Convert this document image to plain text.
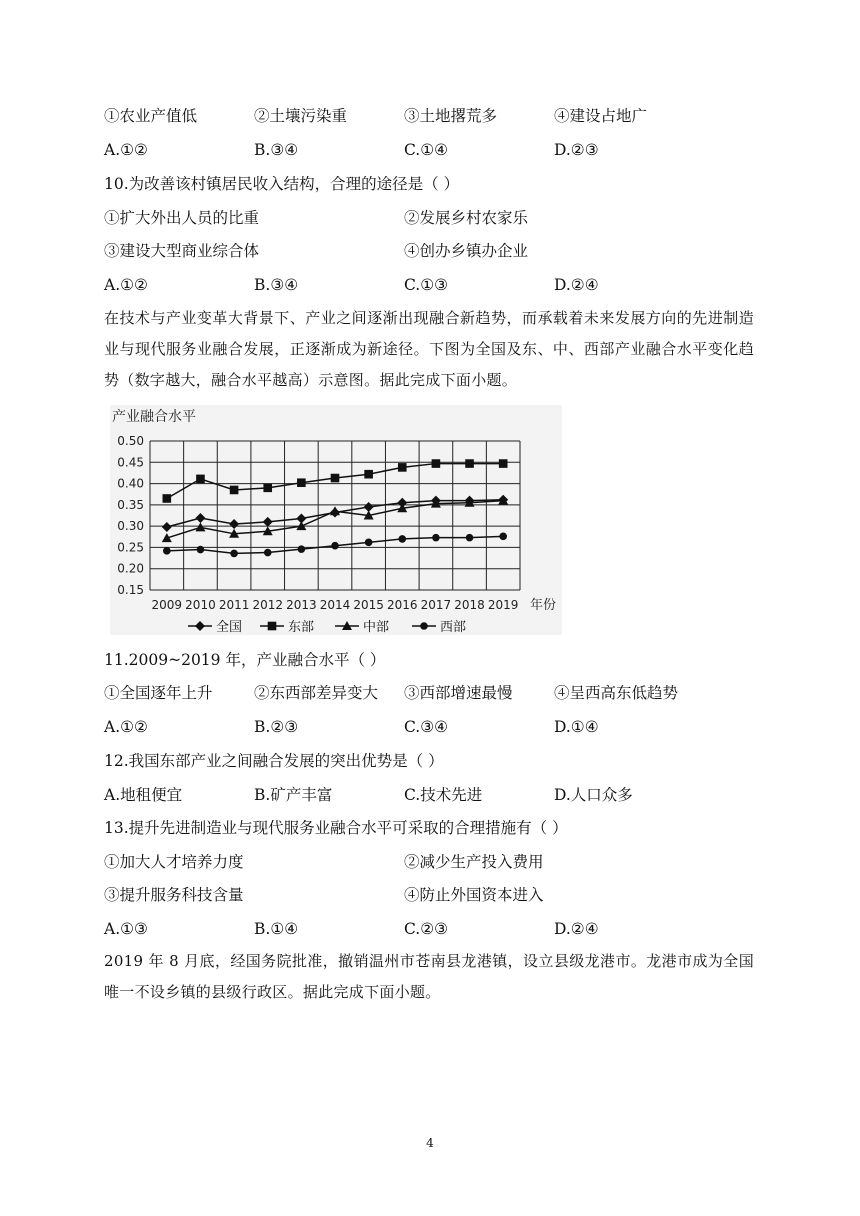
①农业产值低	②土壤污染重	③土地撂荒多	④建设占地广
A.①②	B.③④	C.①④	D.②③
10.为改善该村镇居民收入结构，合理的途径是（ ）
①扩大外出人员的比重	②发展乡村农家乐
③建设大型商业综合体	④创办乡镇办企业
A.①②	B.③④	C.①③	D.②④
在技术与产业变革大背景下、产业之间逐渐出现融合新趋势，而承载着未来发展方向的先进制造业与现代服务业融合发展，正逐渐成为新途径。下图为全国及东、中、西部产业融合水平变化趋势（数字越大，融合水平越高）示意图。据此完成下面小题。
产业融合水平
0.15
0.20
0.25
0.30
0.35
0.40
0.45
0.50
2009 2010 2011 2012 2013 2014 2015 2016 2017 2018 2019 年份
全国	东部	中部	西部
11.2009~2019 年，产业融合水平（ ）
①全国逐年上升	②东西部差异变大 ③西部增速最慢	④呈西高东低趋势
A.①②	B.②③	C.③④	D.①④
12.我国东部产业之间融合发展的突出优势是（ ）
A.地租便宜	B.矿产丰富	C.技术先进	D.人口众多
13.提升先进制造业与现代服务业融合水平可采取的合理措施有（ ）
①加大人才培养力度	②减少生产投入费用
③提升服务科技含量	④防止外国资本进入
A.①③	B.①④	C.②③	D.②④
2019 年 8 月底，经国务院批准，撤销温州市苍南县龙港镇，设立县级龙港市。龙港市成为全国唯一不设乡镇的县级行政区。据此完成下面小题。
4
